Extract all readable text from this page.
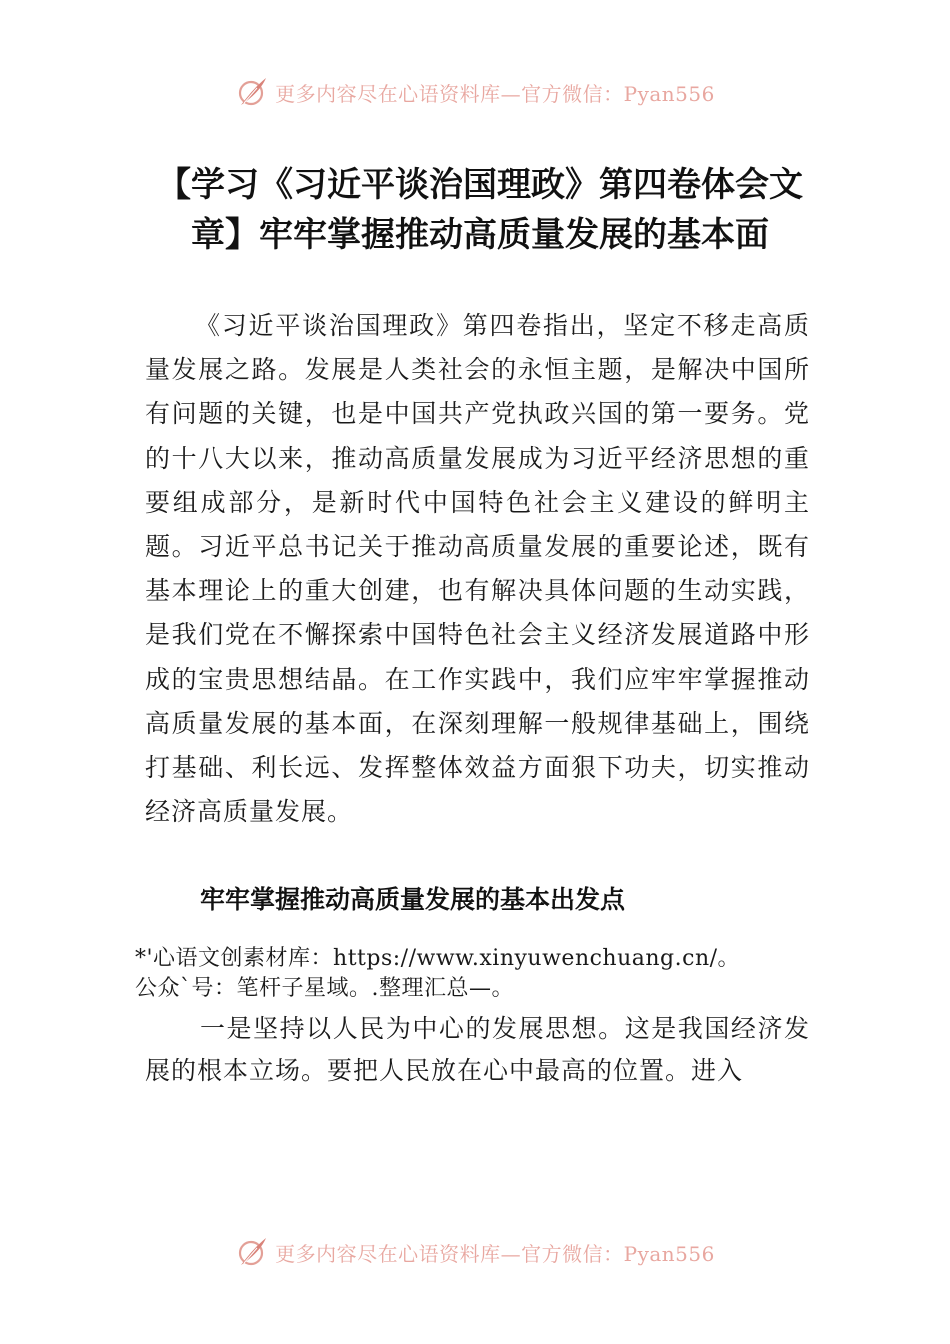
更多内容尽在心语资料库—官方微信：Pyan556
【学习《习近平谈治国理政》第四卷体会文章】牢牢掌握推动高质量发展的基本面

《习近平谈治国理政》第四卷指出，坚定不移走高质量发展之路。发展是人类社会的永恒主题，是解决中国所有问题的关键，也是中国共产党执政兴国的第一要务。党的十八大以来，推动高质量发展成为习近平经济思想的重要组成部分，是新时代中国特色社会主义建设的鲜明主题。习近平总书记关于推动高质量发展的重要论述，既有基本理论上的重大创建，也有解决具体问题的生动实践，是我们党在不懈探索中国特色社会主义经济发展道路中形成的宝贵思想结晶。在工作实践中，我们应牢牢掌握推动高质量发展的基本面，在深刻理解一般规律基础上，围绕打基础、利长远、发挥整体效益方面狠下功夫，切实推动经济高质量发展。

牢牢掌握推动高质量发展的基本出发点

*'心语文创素材库：https://www.xinyuwenchuang.cn/。
公众`号：笔杆子星域。.整理汇总—。

一是坚持以人民为中心的发展思想。这是我国经济发展的根本立场。要把人民放在心中最高的位置。进入

更多内容尽在心语资料库—官方微信：Pyan556
